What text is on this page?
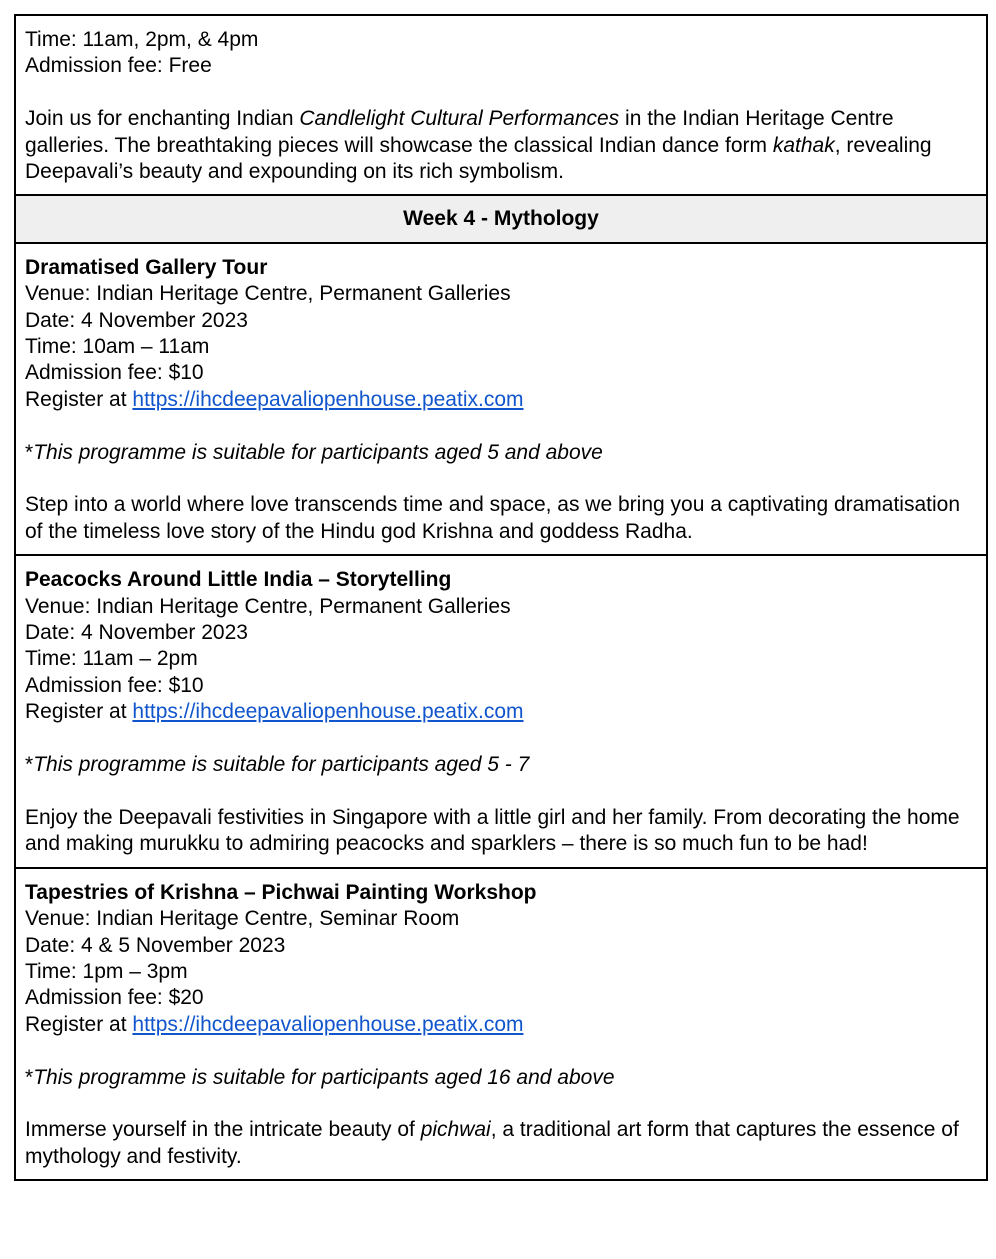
Time: 11am, 2pm, & 4pm
Admission fee: Free
Join us for enchanting Indian Candlelight Cultural Performances in the Indian Heritage Centre galleries. The breathtaking pieces will showcase the classical Indian dance form kathak, revealing Deepavali’s beauty and expounding on its rich symbolism.
Week 4 - Mythology
Dramatised Gallery Tour
Venue: Indian Heritage Centre, Permanent Galleries
Date: 4 November 2023
Time: 10am – 11am
Admission fee: $10
Register at https://ihcdeepavaliopenhouse.peatix.com
*This programme is suitable for participants aged 5 and above
Step into a world where love transcends time and space, as we bring you a captivating dramatisation of the timeless love story of the Hindu god Krishna and goddess Radha.
Peacocks Around Little India – Storytelling
Venue: Indian Heritage Centre, Permanent Galleries
Date: 4 November 2023
Time: 11am – 2pm
Admission fee: $10
Register at https://ihcdeepavaliopenhouse.peatix.com
*This programme is suitable for participants aged 5 - 7
Enjoy the Deepavali festivities in Singapore with a little girl and her family. From decorating the home and making murukku to admiring peacocks and sparklers – there is so much fun to be had!
Tapestries of Krishna – Pichwai Painting Workshop
Venue: Indian Heritage Centre, Seminar Room
Date: 4 & 5 November 2023
Time: 1pm – 3pm
Admission fee: $20
Register at https://ihcdeepavaliopenhouse.peatix.com
*This programme is suitable for participants aged 16 and above
Immerse yourself in the intricate beauty of pichwai, a traditional art form that captures the essence of mythology and festivity.
